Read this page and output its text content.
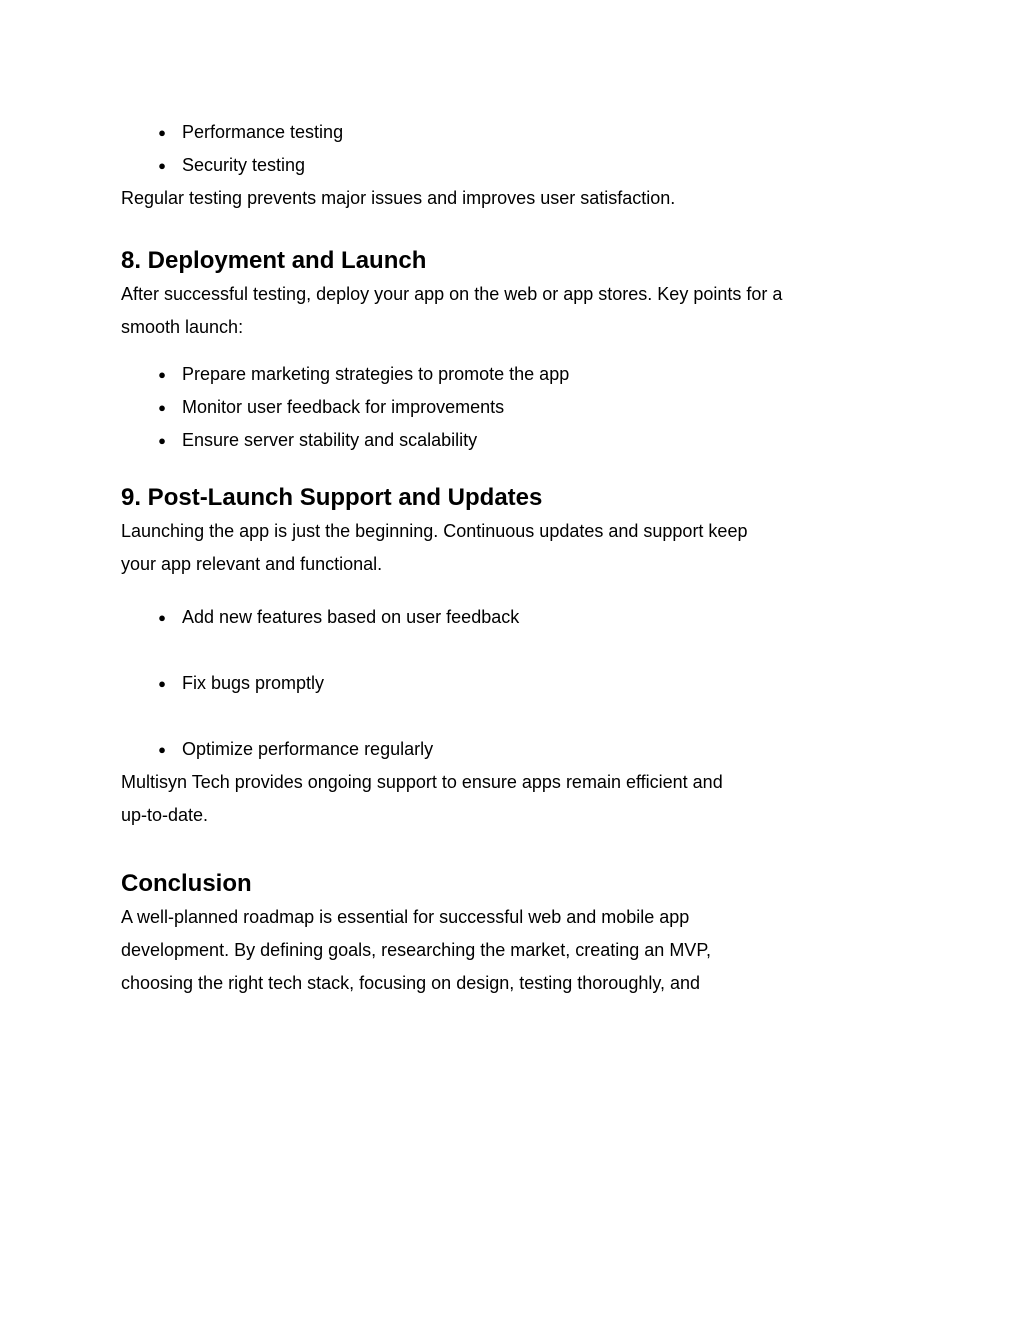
● Performance testing
● Security testing

Regular testing prevents major issues and improves user satisfaction.

8. Deployment and Launch

After successful testing, deploy your app on the web or app stores. Key points for a
smooth launch:

● Prepare marketing strategies to promote the app
● Monitor user feedback for improvements
● Ensure server stability and scalability
9. Post-Launch Support and Updates

Launching the app is just the beginning. Continuous updates and support keep
your app relevant and functional.

● Add new features based on user feedback
● Fix bugs promptly
● Optimize performance regularly

Multisyn Tech provides ongoing support to ensure apps remain efficient and
up-to-date.

Conclusion

A well-planned roadmap is essential for successful web and mobile app
development. By defining goals, researching the market, creating an MVP,
choosing the right tech stack, focusing on design, testing thoroughly, and
